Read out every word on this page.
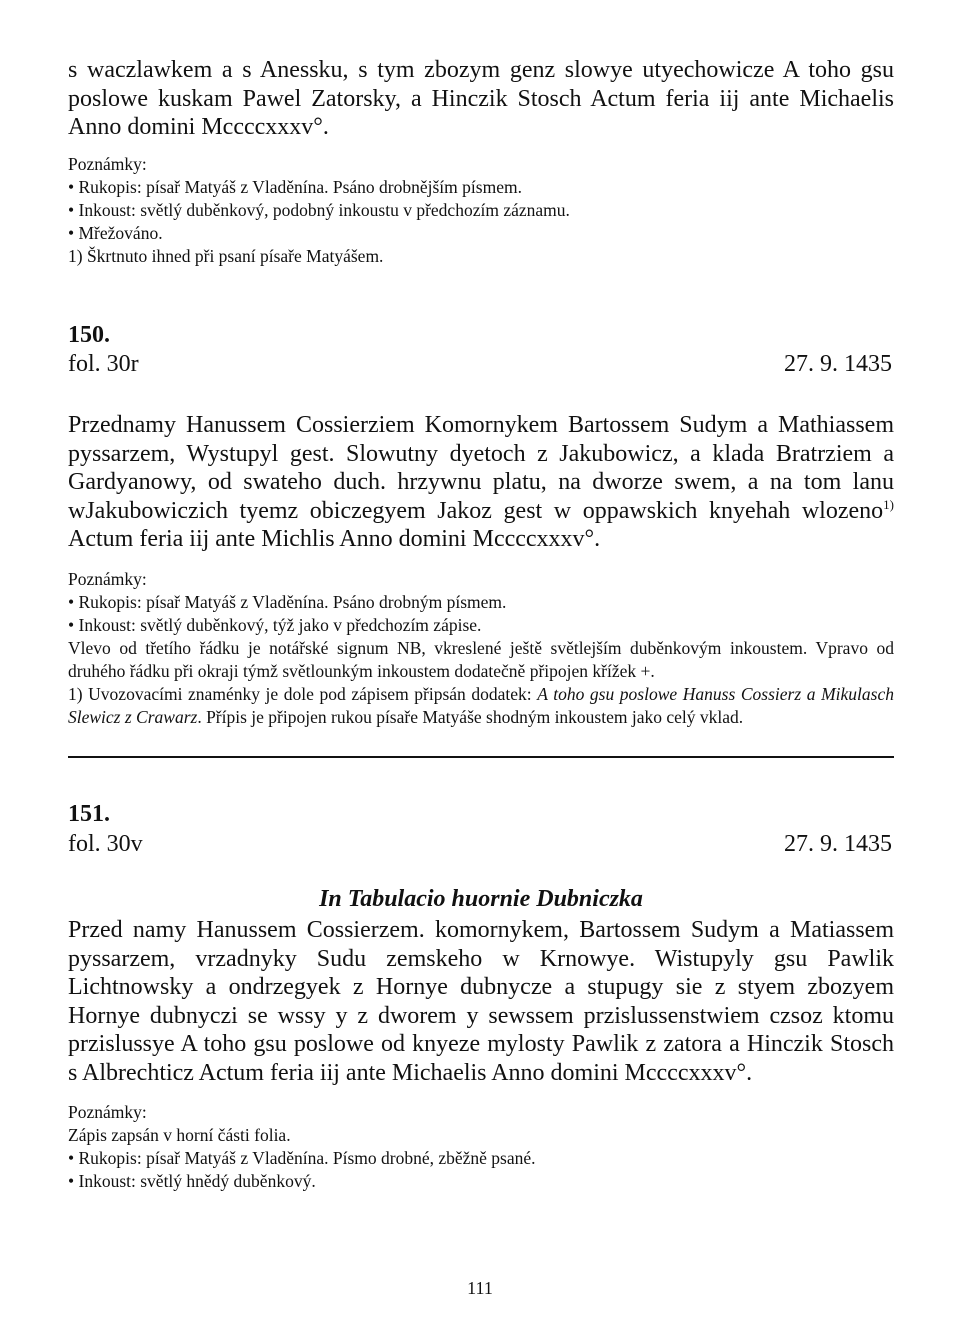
s waczlawkem a s Anessku, s tym zbozym genz slowye utyechowicze A toho gsu poslowe kuskam Pawel Zatorsky, a Hinczik Stosch Actum feria iij ante Michaelis Anno domini Mccccxxxv°.
Poznámky:
• Rukopis: písař Matyáš z Vladěnína. Psáno drobnějším písmem.
• Inkoust: světlý duběnkový, podobný inkoustu v předchozím záznamu.
• Mřežováno.
1) Škrtnuto ihned při psaní písaře Matyášem.
150.
fol. 30r	27. 9. 1435
Przednamy Hanussem Cossierziem Komornykem Bartossem Sudym a Mathiassem pyssarzem, Wystupyl gest. Slowutny dyetoch z Jakubowicz, a klada Bratrziem a Gardyanowy, od swateho duch. hrzywnu platu, na dworze swem, a na tom lanu wJakubowiczich tyemz obiczegyem Jakoz gest w oppawskich knyehah wlozeno$^{1)}$ Actum feria iij ante Michlis Anno domini Mccccxxxv°.
Poznámky:
• Rukopis: písař Matyáš z Vladěnína. Psáno drobným písmem.
• Inkoust: světlý duběnkový, týž jako v předchozím zápise.
Vlevo od třetího řádku je notářské signum NB, vkreslené ještě světlejším duběnkovým inkoustem. Vpravo od druhého řádku při okraji týmž světlounkým inkoustem dodatečně připojen křížek +.
1) Uvozovacími znaménky je dole pod zápisem připsán dodatek: A toho gsu poslowe Hanuss Cossierz a Mikulasch Slewicz z Crawarz. Přípis je připojen rukou písaře Matyáše shodným inkoustem jako celý vklad.
151.
fol. 30v	27. 9. 1435
In Tabulacio huornie Dubniczka
Przed namy Hanussem Cossierzem. komornykem, Bartossem Sudym a Matiassem pyssarzem, vrzadnyky Sudu zemskeho w Krnowye. Wistupyly gsu Pawlik Lichtnowsky a ondrzegyek z Hornye dubnycze a stupugy sie z styem zbozyem Hornye dubnyczi se wssy y z dworem y sewssem przislussenstwiem czsoz ktomu przislussye A toho gsu poslowe od knyeze mylosty Pawlik z zatora a Hinczik Stosch s Albrechticz Actum feria iij ante Michaelis Anno domini Mccccxxxv°.
Poznámky:
Zápis zapsán v horní části folia.
• Rukopis: písař Matyáš z Vladěnína. Písmo drobné, zběžně psané.
• Inkoust: světlý hnědý duběnkový.
111
